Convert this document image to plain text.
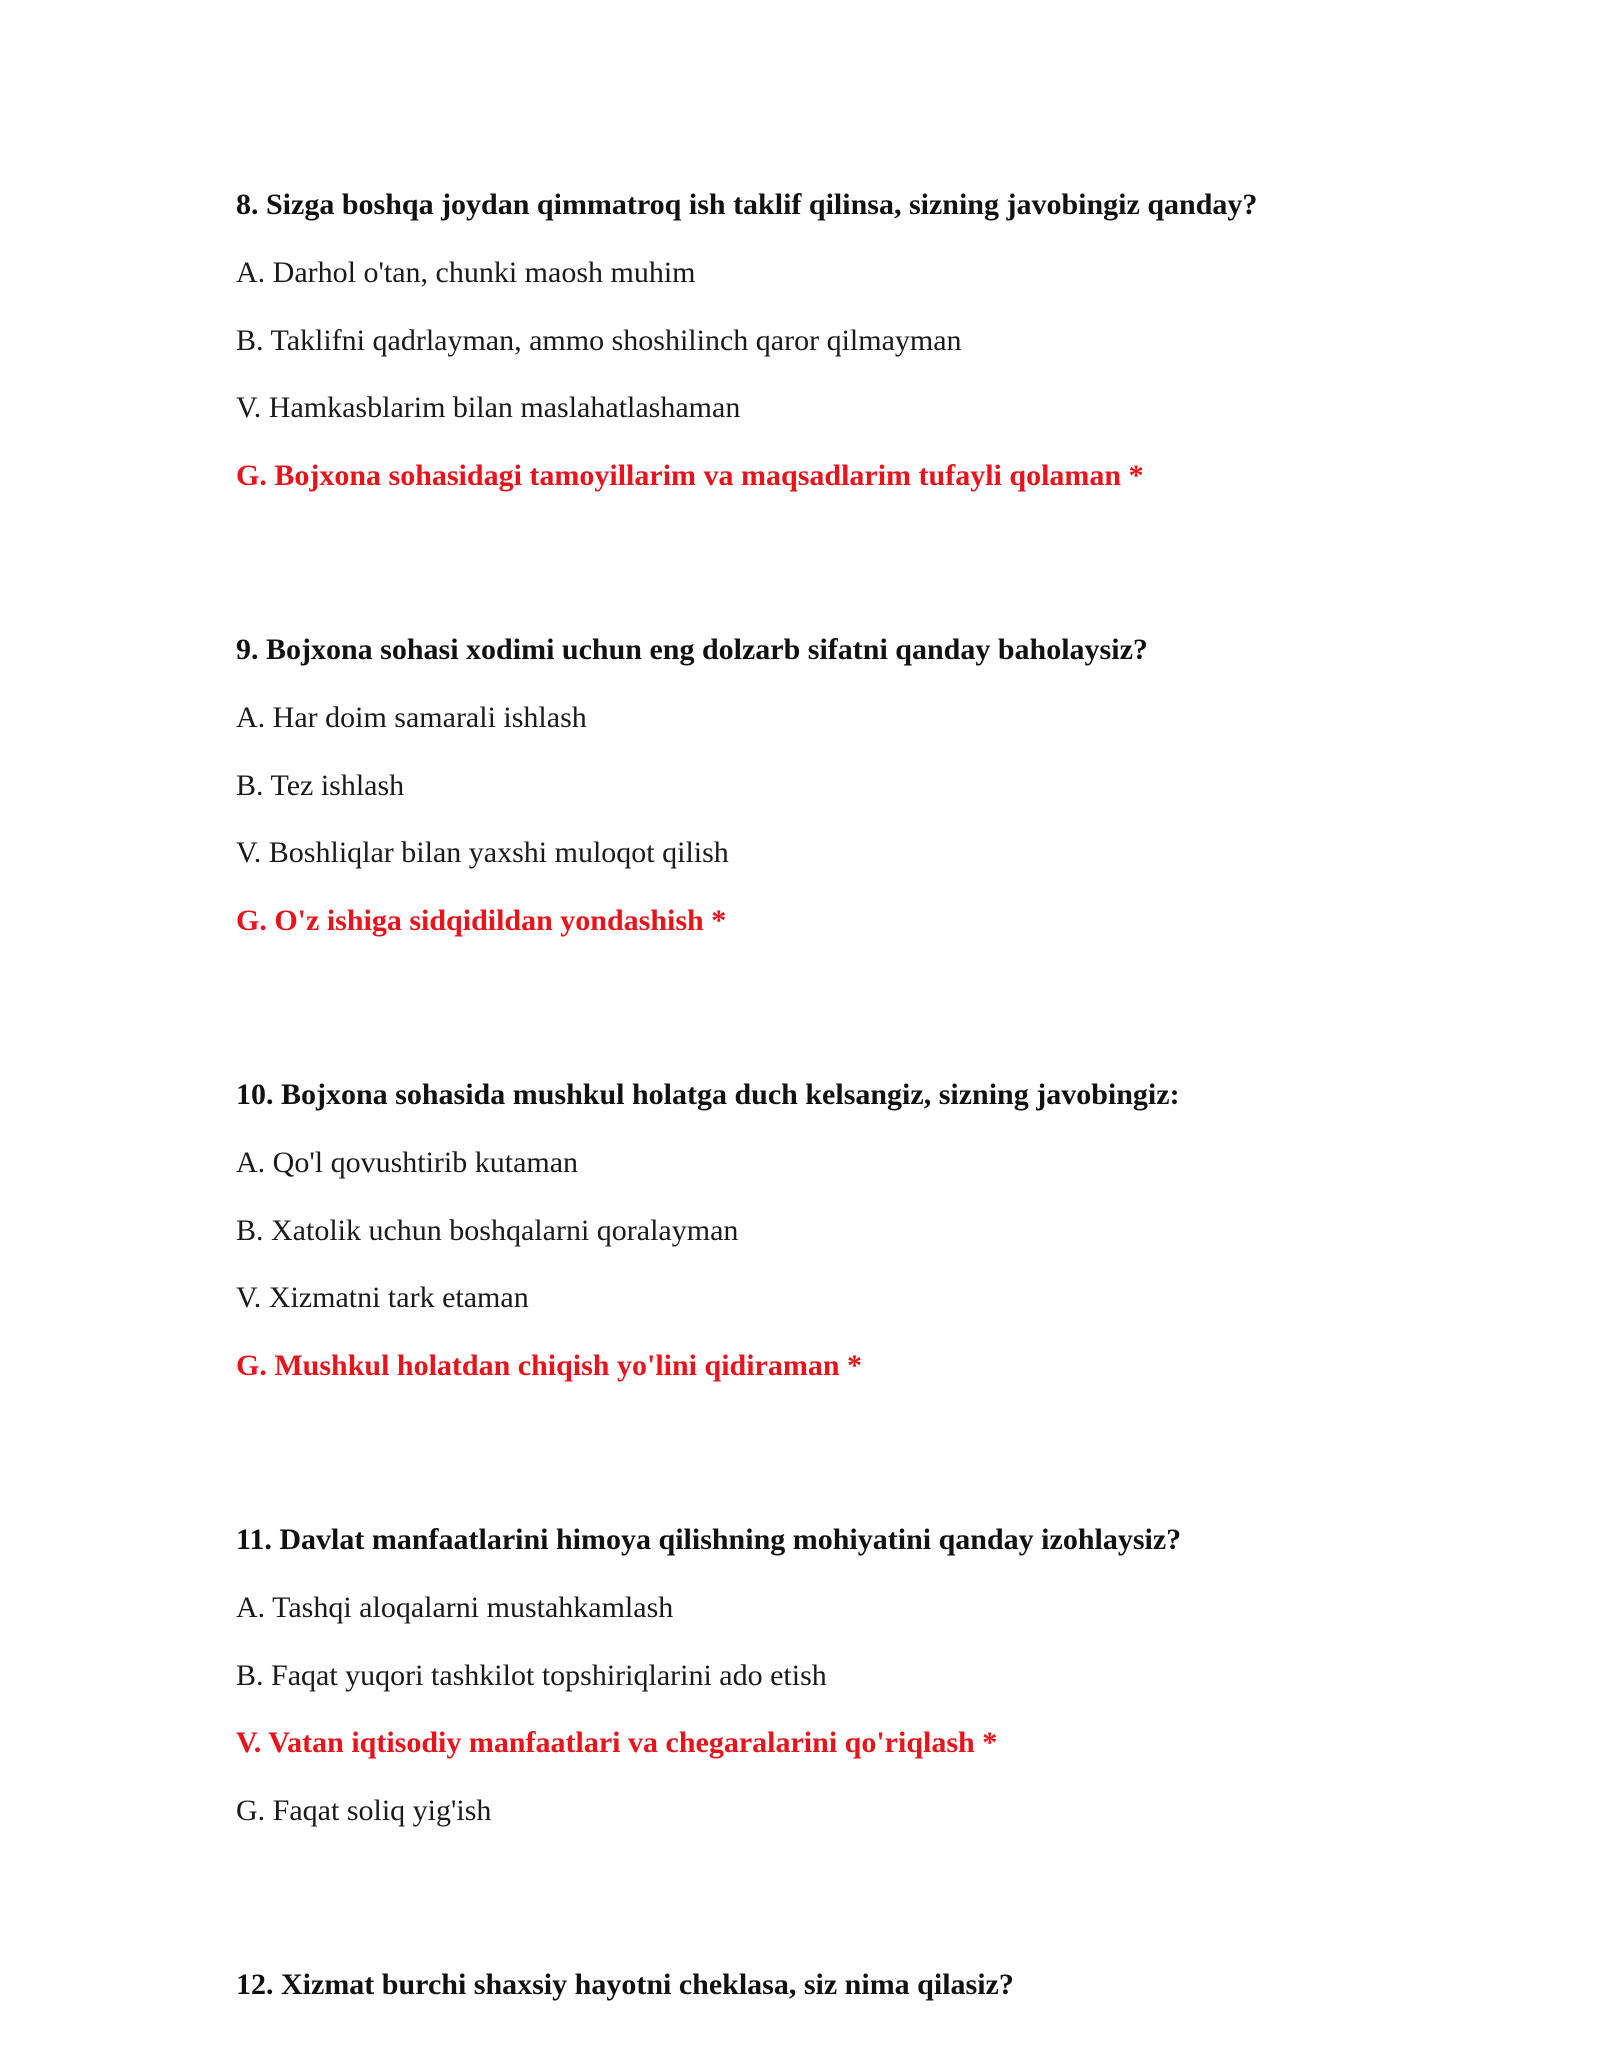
8. Sizga boshqa joydan qimmatroq ish taklif qilinsa, sizning javobingiz qanday?

A. Darhol o'tan, chunki maosh muhim

B. Taklifni qadrlayman, ammo shoshilinch qaror qilmayman

V. Hamkasblarim bilan maslahatlashaman

G. Bojxona sohasidagi tamoyillarim va maqsadlarim tufayli qolaman *

9. Bojxona sohasi xodimi uchun eng dolzarb sifatni qanday baholaysiz?

A. Har doim samarali ishlash

B. Tez ishlash

V. Boshliqlar bilan yaxshi muloqot qilish

G. O'z ishiga sidqidildan yondashish *

10. Bojxona sohasida mushkul holatga duch kelsangiz, sizning javobingiz:

A. Qo'l qovushtirib kutaman

B. Xatolik uchun boshqalarni qoralayman

V. Xizmatni tark etaman

G. Mushkul holatdan chiqish yo'lini qidiraman *

11. Davlat manfaatlarini himoya qilishning mohiyatini qanday izohlaysiz?

A. Tashqi aloqalarni mustahkamlash

B. Faqat yuqori tashkilot topshiriqlarini ado etish

V. Vatan iqtisodiy manfaatlari va chegaralarini qo'riqlash *

G. Faqat soliq yig'ish

12. Xizmat burchi shaxsiy hayotni cheklasa, siz nima qilasiz?
